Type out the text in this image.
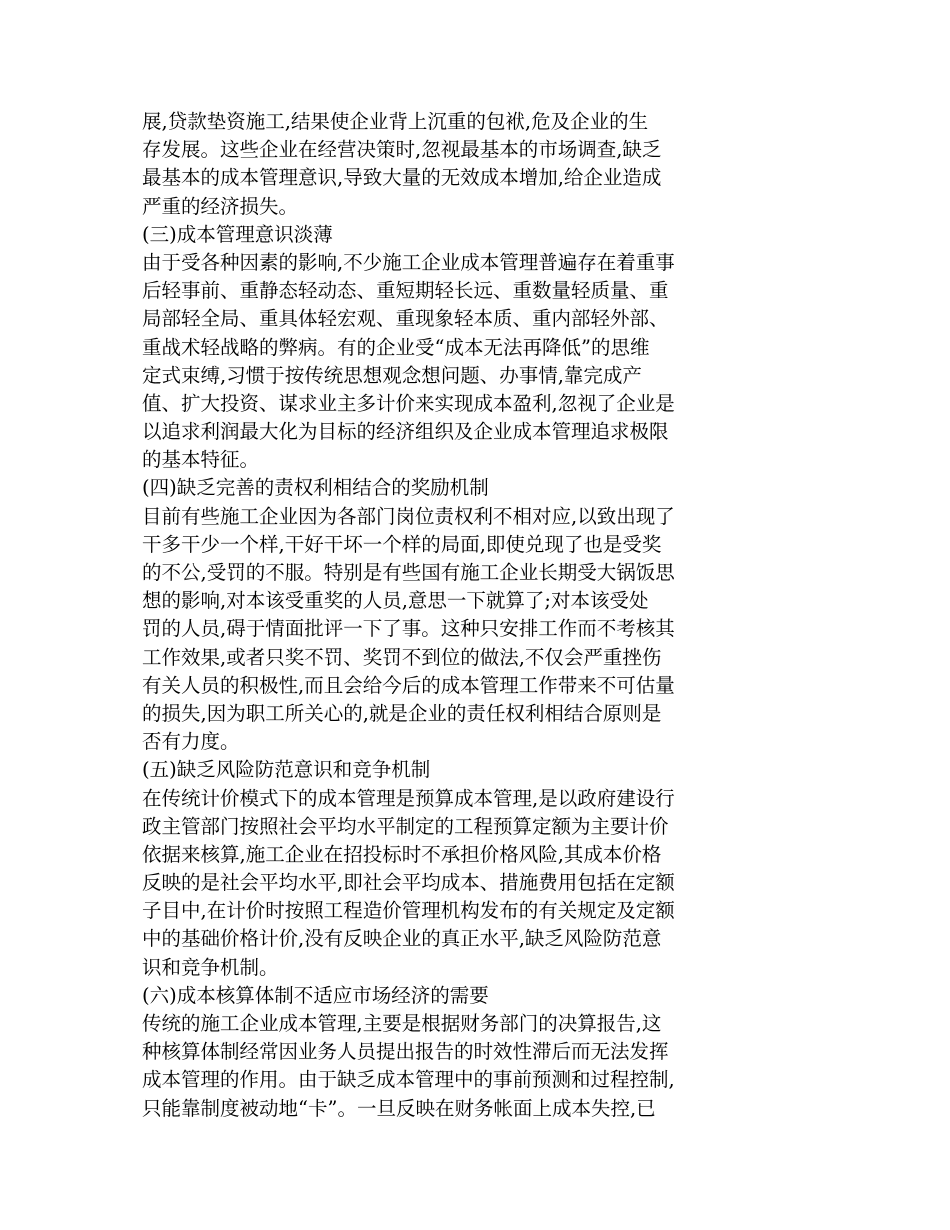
展,贷款垫资施工,结果使企业背上沉重的包袱,危及企业的生
存发展。这些企业在经营决策时,忽视最基本的市场调查,缺乏
最基本的成本管理意识,导致大量的无效成本增加,给企业造成
严重的经济损失。
(三)成本管理意识淡薄
由于受各种因素的影响,不少施工企业成本管理普遍存在着重事
后轻事前、重静态轻动态、重短期轻长远、重数量轻质量、重
局部轻全局、重具体轻宏观、重现象轻本质、重内部轻外部、
重战术轻战略的弊病。有的企业受“成本无法再降低”的思维
定式束缚,习惯于按传统思想观念想问题、办事情,靠完成产
值、扩大投资、谋求业主多计价来实现成本盈利,忽视了企业是
以追求利润最大化为目标的经济组织及企业成本管理追求极限
的基本特征。
(四)缺乏完善的责权利相结合的奖励机制
目前有些施工企业因为各部门岗位责权利不相对应,以致出现了
干多干少一个样,干好干坏一个样的局面,即使兑现了也是受奖
的不公,受罚的不服。特别是有些国有施工企业长期受大锅饭思
想的影响,对本该受重奖的人员,意思一下就算了;对本该受处
罚的人员,碍于情面批评一下了事。这种只安排工作而不考核其
工作效果,或者只奖不罚、奖罚不到位的做法,不仅会严重挫伤
有关人员的积极性,而且会给今后的成本管理工作带来不可估量
的损失,因为职工所关心的,就是企业的责任权利相结合原则是
否有力度。
(五)缺乏风险防范意识和竞争机制
在传统计价模式下的成本管理是预算成本管理,是以政府建设行
政主管部门按照社会平均水平制定的工程预算定额为主要计价
依据来核算,施工企业在招投标时不承担价格风险,其成本价格
反映的是社会平均水平,即社会平均成本、措施费用包括在定额
子目中,在计价时按照工程造价管理机构发布的有关规定及定额
中的基础价格计价,没有反映企业的真正水平,缺乏风险防范意
识和竞争机制。
(六)成本核算体制不适应市场经济的需要
传统的施工企业成本管理,主要是根据财务部门的决算报告,这
种核算体制经常因业务人员提出报告的时效性滞后而无法发挥
成本管理的作用。由于缺乏成本管理中的事前预测和过程控制,
只能靠制度被动地“卡”。一旦反映在财务帐面上成本失控,已
